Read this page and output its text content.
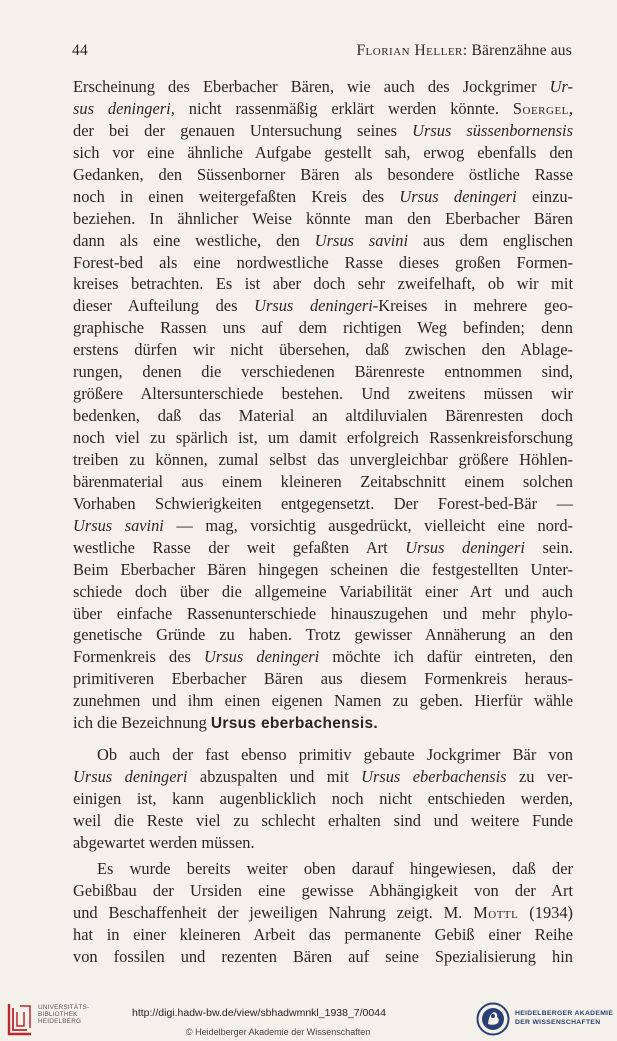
44	Florian Heller: Bärenzähne aus

Erscheinung des Eberbacher Bären, wie auch des Jockgrimer Ur-
sus deningeri, nicht rassenmäßig erklärt werden könnte. Soergel,
der bei der genauen Untersuchung seines Ursus süssenbornensis
sich vor eine ähnliche Aufgabe gestellt sah, erwog ebenfalls den
Gedanken, den Süssenborner Bären als besondere östliche Rasse
noch in einen weitergefaßten Kreis des Ursus deningeri einzu-
beziehen. In ähnlicher Weise könnte man den Eberbacher Bären
dann als eine westliche, den Ursus savini aus dem englischen
Forest-bed als eine nordwestliche Rasse dieses großen Formen-
kreises betrachten. Es ist aber doch sehr zweifelhaft, ob wir mit
dieser Aufteilung des Ursus deningeri-Kreises in mehrere geo-
graphische Rassen uns auf dem richtigen Weg befinden; denn
erstens dürfen wir nicht übersehen, daß zwischen den Ablage-
rungen, denen die verschiedenen Bärenreste entnommen sind,
größere Altersunterschiede bestehen. Und zweitens müssen wir
bedenken, daß das Material an altdiluvialen Bärenresten doch
noch viel zu spärlich ist, um damit erfolgreich Rassenkreisforschung
treiben zu können, zumal selbst das unvergleichbar größere Höhlen-
bärenmaterial aus einem kleineren Zeitabschnitt einem solchen
Vorhaben Schwierigkeiten entgegensetzt. Der Forest-bed-Bär —
Ursus savini — mag, vorsichtig ausgedrückt, vielleicht eine nord-
westliche Rasse der weit gefaßten Art Ursus deningeri sein.
Beim Eberbacher Bären hingegen scheinen die festgestellten Unter-
schiede doch über die allgemeine Variabilität einer Art und auch
über einfache Rassenunterschiede hinauszugehen und mehr phylo-
genetische Gründe zu haben. Trotz gewisser Annäherung an den
Formenkreis des Ursus deningeri möchte ich dafür eintreten, den
primitiveren Eberbacher Bären aus diesem Formenkreis heraus-
zunehmen und ihm einen eigenen Namen zu geben. Hierfür wähle
ich die Bezeichnung Ursus eberbachensis.

Ob auch der fast ebenso primitiv gebaute Jockgrimer Bär von
Ursus deningeri abzuspalten und mit Ursus eberbachensis zu ver-
einigen ist, kann augenblicklich noch nicht entschieden werden,
weil die Reste viel zu schlecht erhalten sind und weitere Funde
abgewartet werden müssen.

Es wurde bereits weiter oben darauf hingewiesen, daß der
Gebißbau der Ursiden eine gewisse Abhängigkeit von der Art
und Beschaffenheit der jeweiligen Nahrung zeigt. M. Mottl (1934)
hat in einer kleineren Arbeit das permanente Gebiß einer Reihe
von fossilen und rezenten Bären auf seine Spezialisierung hin

UNIVERSITÄTS-
BIBLIOTHEK
HEIDELBERG
http://digi.hadw-bw.de/view/sbhadwmnkl_1938_7/0044
© Heidelberger Akademie der Wissenschaften
HEIDELBERGER AKADEMIE
DER WISSENSCHAFTEN
